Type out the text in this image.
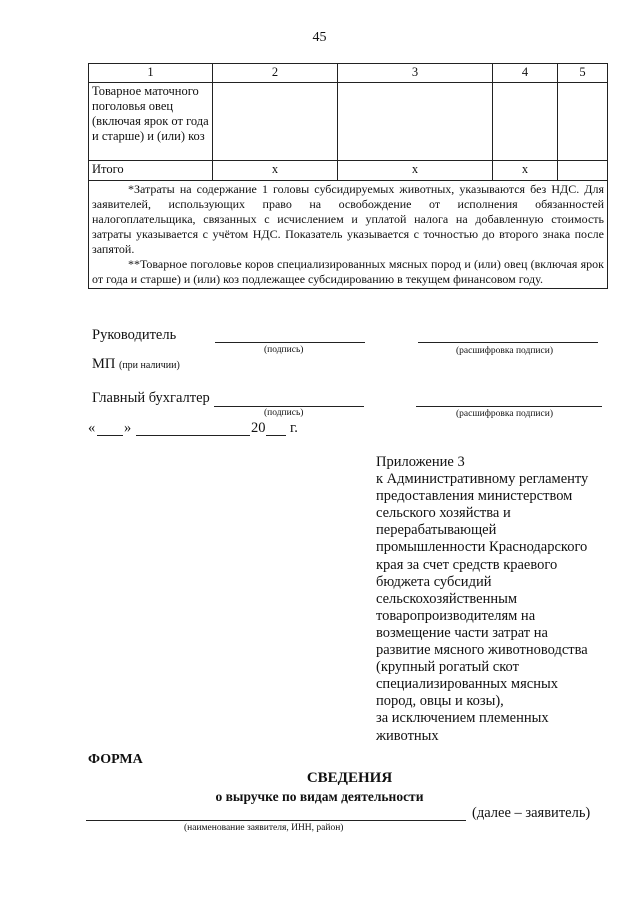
45
1	2	3	4	5
Товарное маточного поголовья овец (включая ярок от года и старше) и (или) коз				
Итого	х	х	х	

*Затраты на содержание 1 головы субсидируемых животных, указываются без НДС. Для заявителей, использующих право на освобождение от исполнения обязанностей налогоплательщика, связанных с исчислением и уплатой налога на добавленную стоимость затраты указывается с учётом НДС. Показатель указывается с точностью до второго знака после запятой.
**Товарное поголовье коров специализированных мясных пород и (или) овец (включая ярок от года и старше) и (или) коз подлежащее субсидированию в текущем финансовом году.				
Руководитель
(подпись)	(расшифровка подписи)
МП (при наличии)
Главный бухгалтер
(подпись)	(расшифровка подписи)
« »	20 г.
Приложение 3
к Административному регламенту
предоставления министерством
сельского хозяйства и
перерабатывающей
промышленности Краснодарского
края за счет средств краевого
бюджета субсидий
сельскохозяйственным
товаропроизводителям на
возмещение части затрат на
развитие мясного животноводства
(крупный рогатый скот
специализированных мясных
пород, овцы и козы),
за исключением племенных
животных
ФОРМА
СВЕДЕНИЯ
о выручке по видам деятельности
(далее – заявитель)
(наименование заявителя, ИНН, район)
